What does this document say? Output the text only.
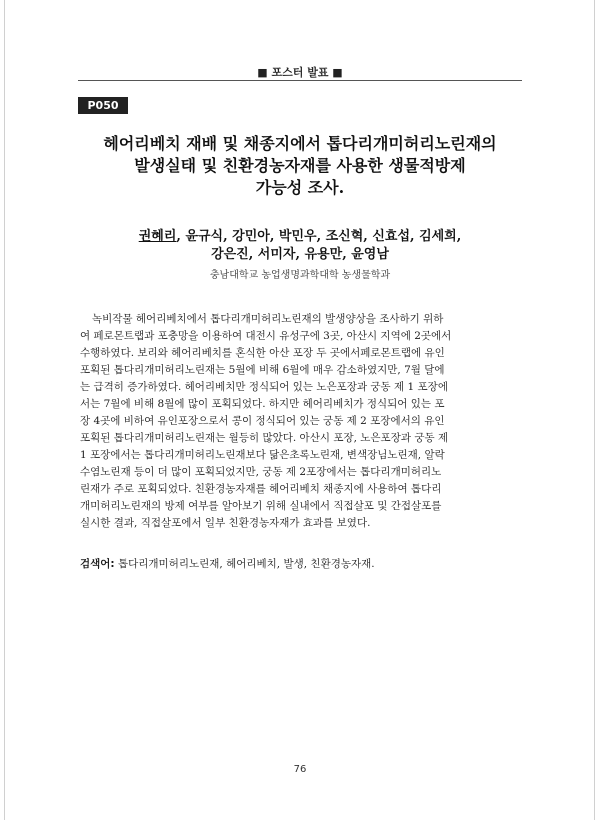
■ 포스터 발표 ■
P050
헤어리베치 재배 및 채종지에서 톱다리개미허리노린재의
발생실태 및 친환경농자재를 사용한 생물적방제
가능성 조사.
권혜리, 윤규식, 강민아, 박민우, 조신혁, 신효섭, 김세희,
강은진, 서미자, 유용만, 윤영남
충남대학교 농업생명과학대학 농생물학과
녹비작물 헤어리베치에서 톱다리개미허리노린재의 발생양상을 조사하기 위하
여 페로몬트랩과 포충망을 이용하여 대전시 유성구에 3곳, 아산시 지역에 2곳에서
수행하였다. 보리와 헤어리베치를 혼식한 아산 포장 두 곳에서페로몬트랩에 유인
포획된 톱다리개미허리노린재는 5월에 비해 6월에 매우 감소하였지만, 7월 달에
는 급격히 증가하였다. 헤어리베치만 정식되어 있는 노은포장과 궁동 제 1 포장에
서는 7월에 비해 8월에 많이 포획되었다. 하지만 헤어리베치가 정식되어 있는 포
장 4곳에 비하여 유인포장으로서 콩이 정식되어 있는 궁동 제 2 포장에서의 유인
포획된 톱다리개미허리노린재는 월등히 많았다. 아산시 포장, 노은포장과 궁동 제
1 포장에서는 톱다리개미허리노린재보다 닮은초록노린재, 변색장님노린재, 알락
수염노린재 등이 더 많이 포획되었지만, 궁동 제 2포장에서는 톱다리개미허리노
린재가 주로 포획되었다. 친환경농자재를 헤어리베치 채종지에 사용하여 톱다리
개미허리노린재의 방제 여부를 알아보기 위해 실내에서 직접살포 및 간접살포를
실시한 결과, 직접살포에서 일부 친환경농자재가 효과를 보였다.
검색어: 톱다리개미허리노린재, 헤어리베치, 발생, 친환경농자재.
76
